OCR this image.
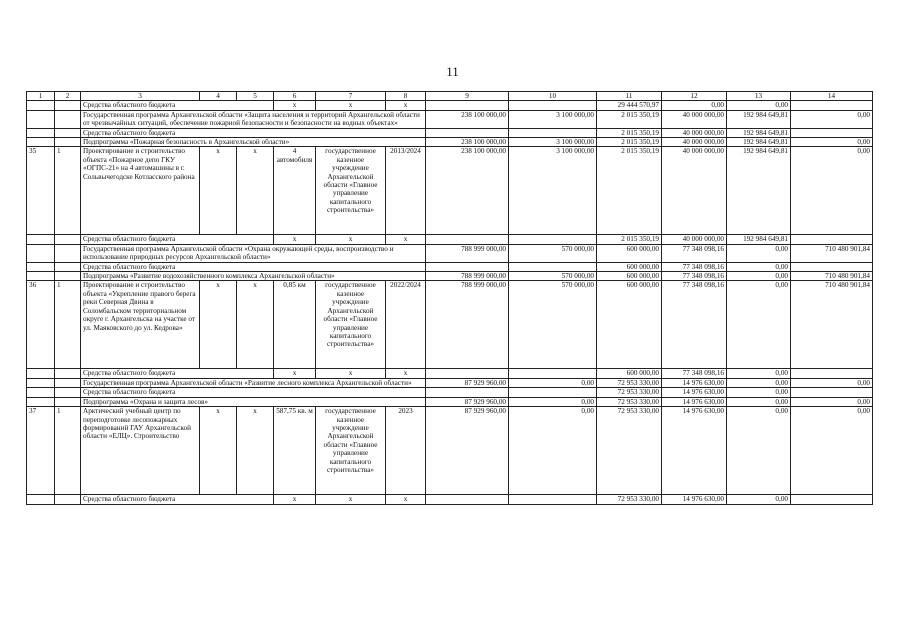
11
1	2	3	4	5	6	7	8	9	10	11	12	13	14
		Средства областного бюджета			х	х	х			29 444 570,97	0,00	0,00	
		Государственная программа Архангельской области «Защита населения и территорий Архангельской области от чрезвычайных ситуаций, обеспечение пожарной безопасности и безопасности на водных объектах»						238 100 000,00	3 100 000,00	2 015 350,19	40 000 000,00	192 984 649,81	0,00
		Средства областного бюджета								2 015 350,19	40 000 000,00	192 984 649,81	
		Подпрограмма «Пожарная безопасность в Архангельской области»						238 100 000,00	3 100 000,00	2 015 350,19	40 000 000,00	192 984 649,81	0,00
35	1	Проектирование и строительство объекта «Пожарное депо ГКУ «ОГПС-21» на 4 автомашины в г. Сольвычегодске Котласского района	х	х	4 автомобиля	государственное казенное учреждение Архангельской области «Главное управление капитального строительства»	2013/2024	238 100 000,00	3 100 000,00	2 015 350,19	40 000 000,00	192 984 649,81	0,00
		Средства областного бюджета			х	х	х			2 015 350,19	40 000 000,00	192 984 649,81	
		Государственная программа Архангельской области «Охрана окружающей среды, воспроизводство и использование природных ресурсов Архангельской области»						788 999 000,00	570 000,00	600 000,00	77 348 098,16	0,00	710 480 901,84
		Средства областного бюджета								600 000,00	77 348 098,16	0,00	
		Подпрограмма «Развитие водохозяйственного комплекса Архангельской области»						788 999 000,00	570 000,00	600 000,00	77 348 098,16	0,00	710 480 901,84
36	1	Проектирование и строительство объекта «Укрепление правого берега реки Северная Двина в Соломбальском территориальном округе г. Архангельска на участке от ул. Маяковского до ул. Кедрова»	х	х	0,85 км	государственное казенное учреждение Архангельской области «Главное управление капитального строительства»	2022/2024	788 999 000,00	570 000,00	600 000,00	77 348 098,16	0,00	710 480 901,84
		Средства областного бюджета			х	х	х			600 000,00	77 348 098,16	0,00	
		Государственная программа Архангельской области «Развитие лесного комплекса Архангельской области»						87 929 960,00	0,00	72 953 330,00	14 976 630,00	0,00	0,00
		Средства областного бюджета								72 953 330,00	14 976 630,00	0,00	
		Подпрограмма «Охрана и защита лесов»						87 929 960,00	0,00	72 953 330,00	14 976 630,00	0,00	0,00
37	1	Арктический учебный центр по переподготовке лесопожарных формирований ГАУ Архангельской области «ЕЛЦ». Строительство	х	х	587,75 кв. м	государственное казенное учреждение Архангельской области «Главное управление капитального строительства»	2023	87 929 960,00	0,00	72 953 330,00	14 976 630,00	0,00	0,00
		Средства областного бюджета			х	х	х			72 953 330,00	14 976 630,00	0,00	
